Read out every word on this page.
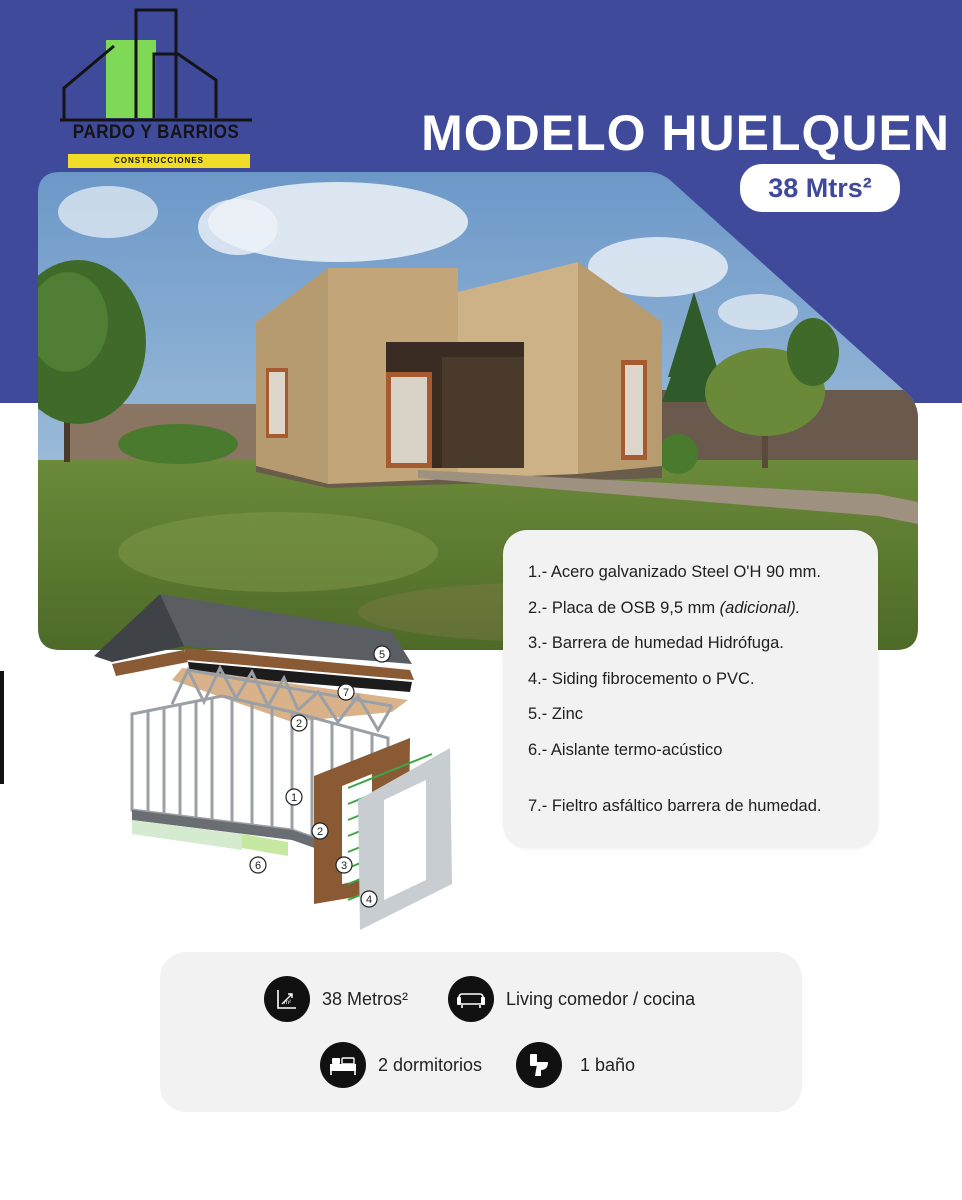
PARDO Y BARRIOS
CONSTRUCCIONES	MODELO HUELQUEN
38 Mtrs²
1.- Acero galvanizado Steel O'H 90 mm.
2.- Placa de OSB 9,5 mm (adicional).
3.- Barrera de humedad Hidrófuga.
4.- Siding fibrocemento o PVC.
5.- Zinc
6.- Aislante termo-acústico
7.- Fieltro asfáltico barrera de humedad.
5
7
2
1
2
3
6
4
m² 38 Metros²	Living comedor / cocina
2 dormitorios	1 baño
